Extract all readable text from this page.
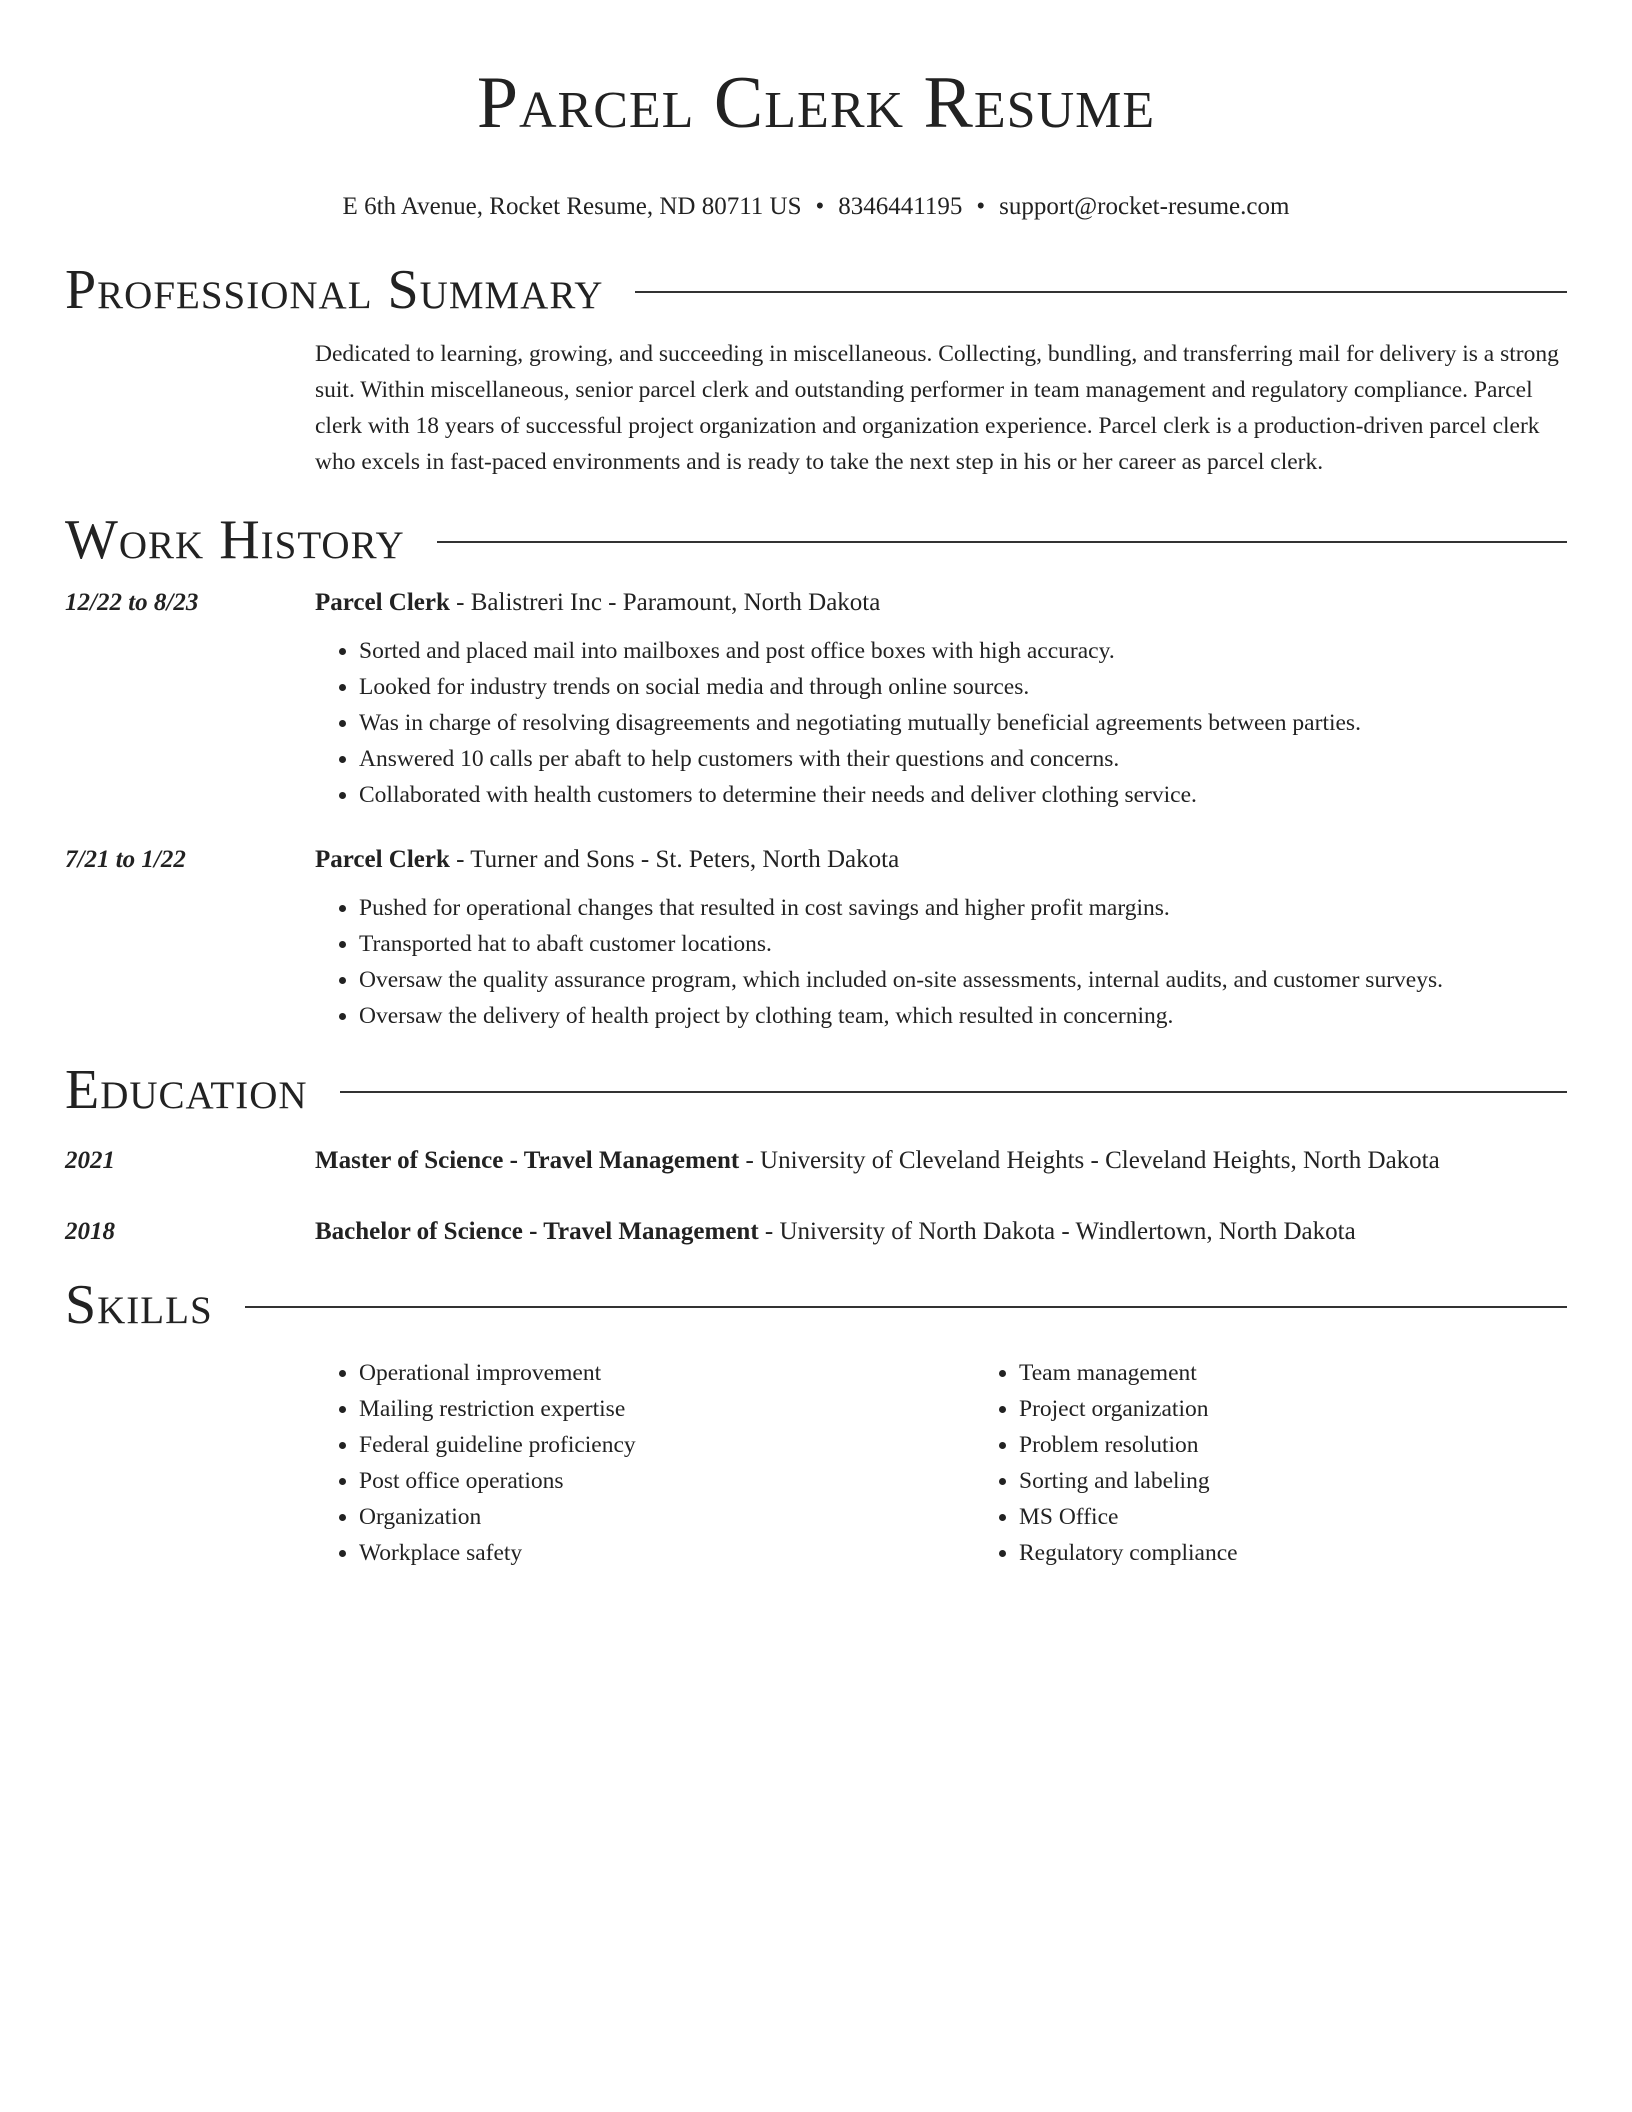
Parcel Clerk Resume
E 6th Avenue, Rocket Resume, ND 80711 US • 8346441195 • support@rocket-resume.com
Professional Summary
Dedicated to learning, growing, and succeeding in miscellaneous. Collecting, bundling, and transferring mail for delivery is a strong suit. Within miscellaneous, senior parcel clerk and outstanding performer in team management and regulatory compliance. Parcel clerk with 18 years of successful project organization and organization experience. Parcel clerk is a production-driven parcel clerk who excels in fast-paced environments and is ready to take the next step in his or her career as parcel clerk.
Work History
12/22 to 8/23	Parcel Clerk - Balistreri Inc - Paramount, North Dakota
• Sorted and placed mail into mailboxes and post office boxes with high accuracy.
• Looked for industry trends on social media and through online sources.
• Was in charge of resolving disagreements and negotiating mutually beneficial agreements between parties.
• Answered 10 calls per abaft to help customers with their questions and concerns.
• Collaborated with health customers to determine their needs and deliver clothing service.
7/21 to 1/22	Parcel Clerk - Turner and Sons - St. Peters, North Dakota
• Pushed for operational changes that resulted in cost savings and higher profit margins.
• Transported hat to abaft customer locations.
• Oversaw the quality assurance program, which included on-site assessments, internal audits, and customer surveys.
• Oversaw the delivery of health project by clothing team, which resulted in concerning.
Education
2021	Master of Science - Travel Management - University of Cleveland Heights - Cleveland Heights, North Dakota
2018	Bachelor of Science - Travel Management - University of North Dakota - Windlertown, North Dakota
Skills
• Operational improvement
• Mailing restriction expertise
• Federal guideline proficiency
• Post office operations
• Organization
• Workplace safety
• Team management
• Project organization
• Problem resolution
• Sorting and labeling
• MS Office
• Regulatory compliance
